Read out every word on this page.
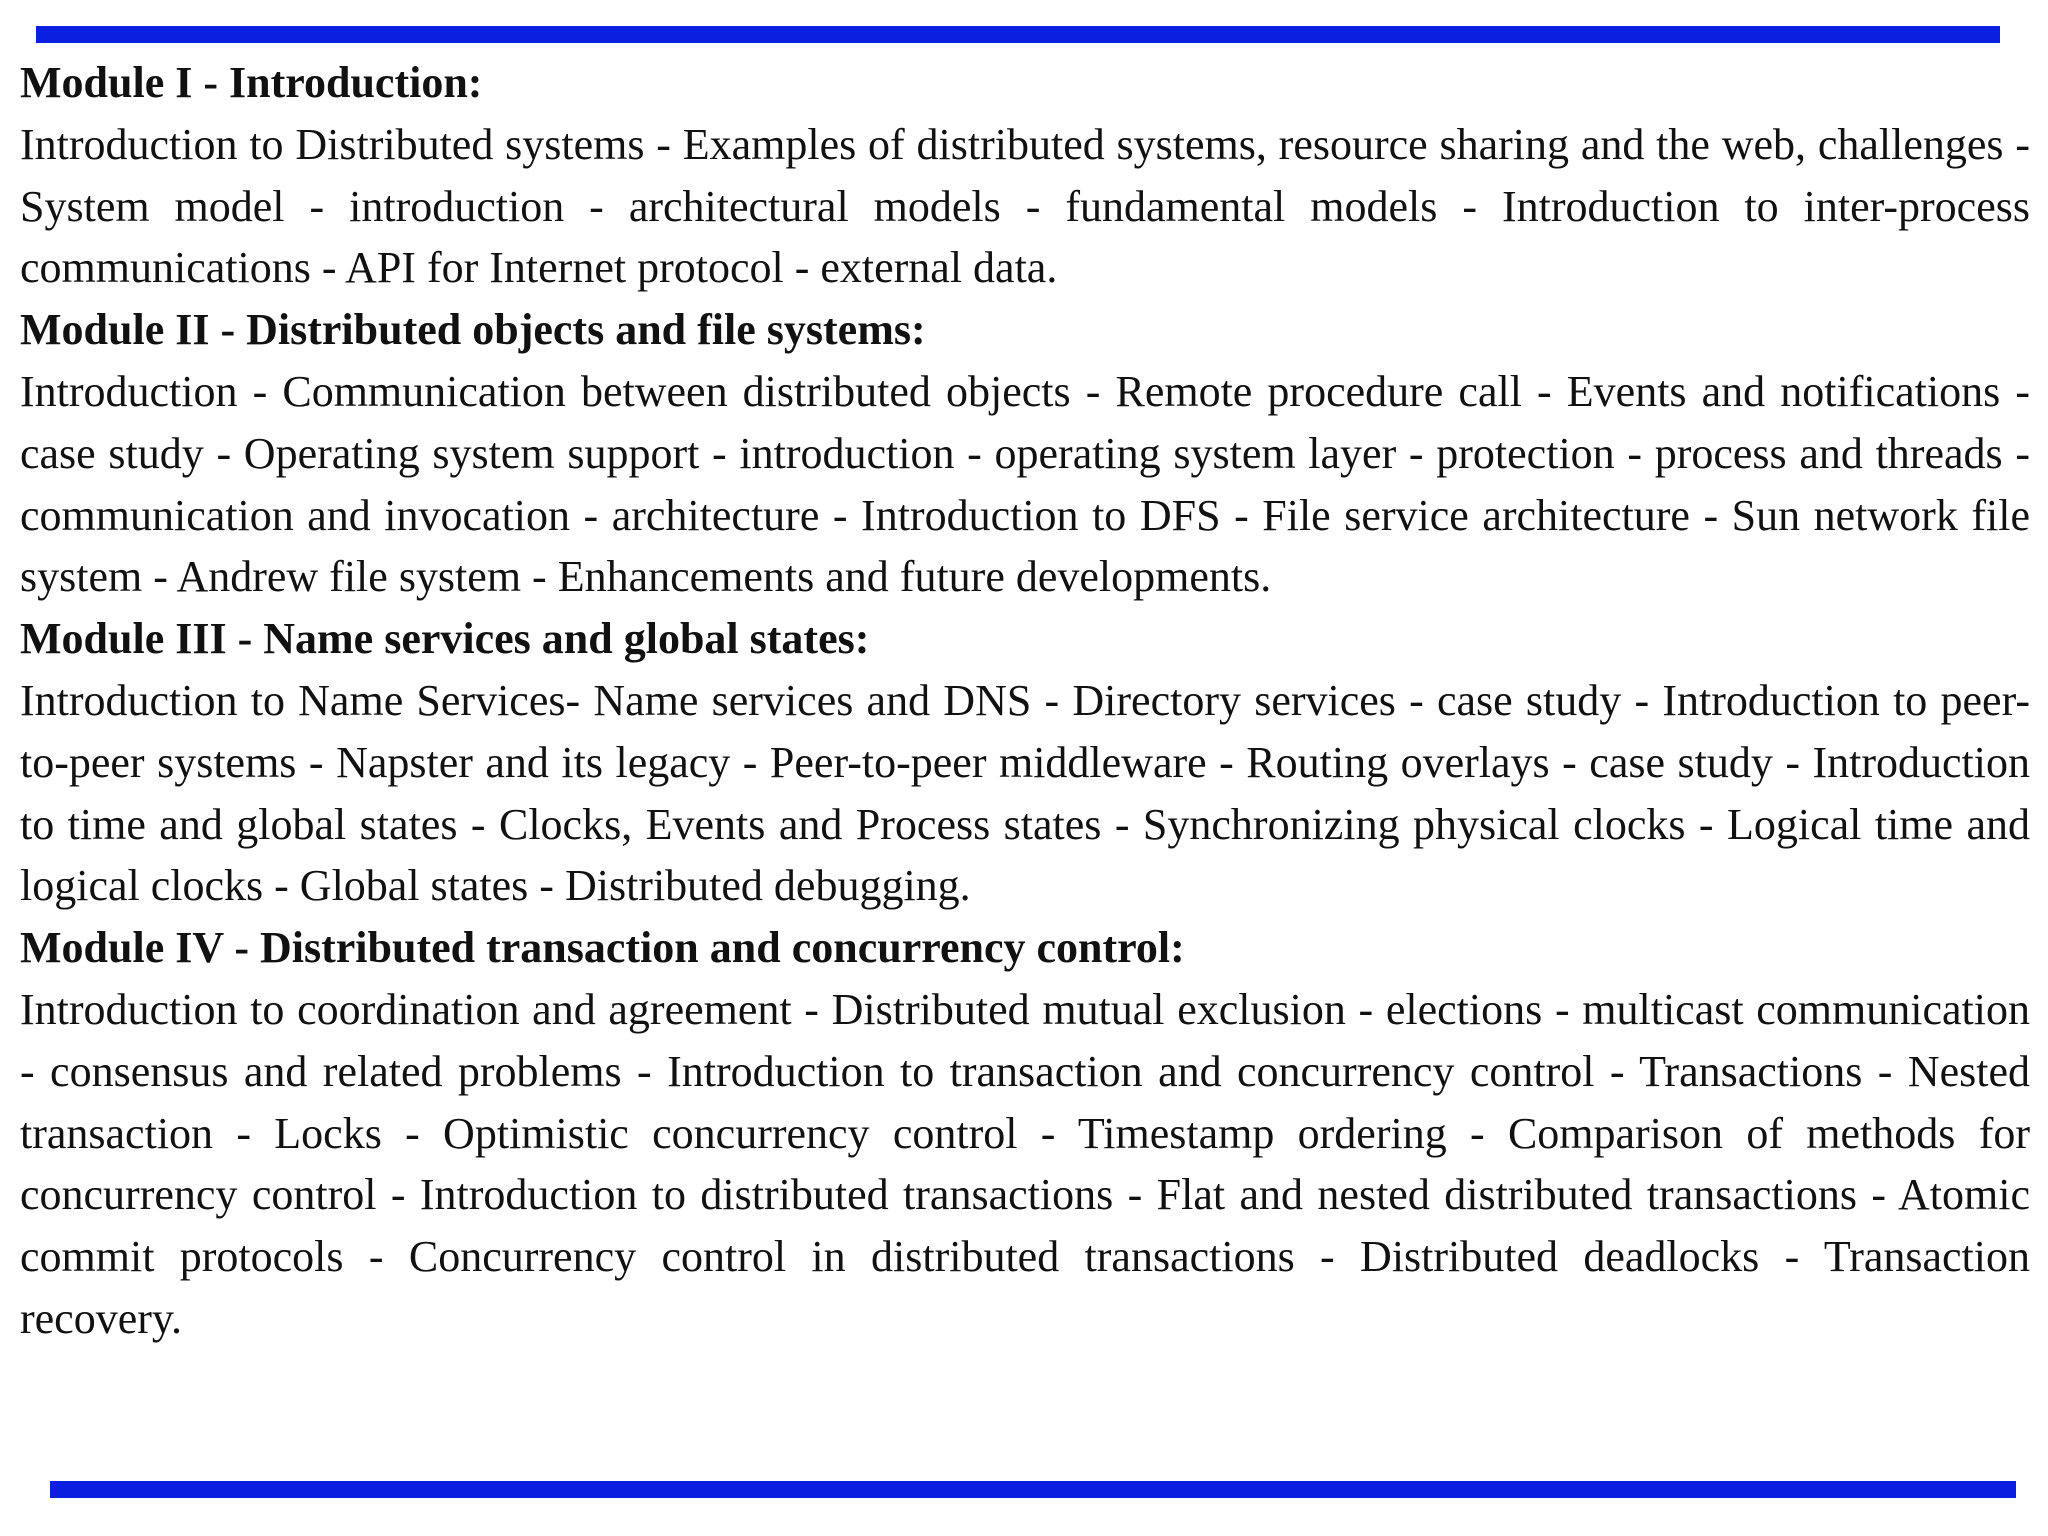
Module I - Introduction:

Introduction to Distributed systems - Examples of distributed systems, resource sharing and the web, challenges - System model - introduction - architectural models - fundamental models - Introduction to inter-process communications - API for Internet protocol - external data.

Module II - Distributed objects and file systems:

Introduction - Communication between distributed objects - Remote procedure call - Events and notifications - case study - Operating system support - introduction - operating system layer - protection - process and threads - communication and invocation - architecture - Introduction to DFS - File service architecture - Sun network file system - Andrew file system - Enhancements and future developments.

Module III - Name services and global states:

Introduction to Name Services- Name services and DNS - Directory services - case study - Introduction to peer-to-peer systems - Napster and its legacy - Peer-to-peer middleware - Routing overlays - case study - Introduction to time and global states - Clocks, Events and Process states - Synchronizing physical clocks - Logical time and logical clocks - Global states - Distributed debugging.

Module IV - Distributed transaction and concurrency control:

Introduction to coordination and agreement - Distributed mutual exclusion - elections - multicast communication - consensus and related problems - Introduction to transaction and concurrency control - Transactions - Nested transaction - Locks - Optimistic concurrency control - Timestamp ordering - Comparison of methods for concurrency control - Introduction to distributed transactions - Flat and nested distributed transactions - Atomic commit protocols - Concurrency control in distributed transactions - Distributed deadlocks - Transaction recovery.
